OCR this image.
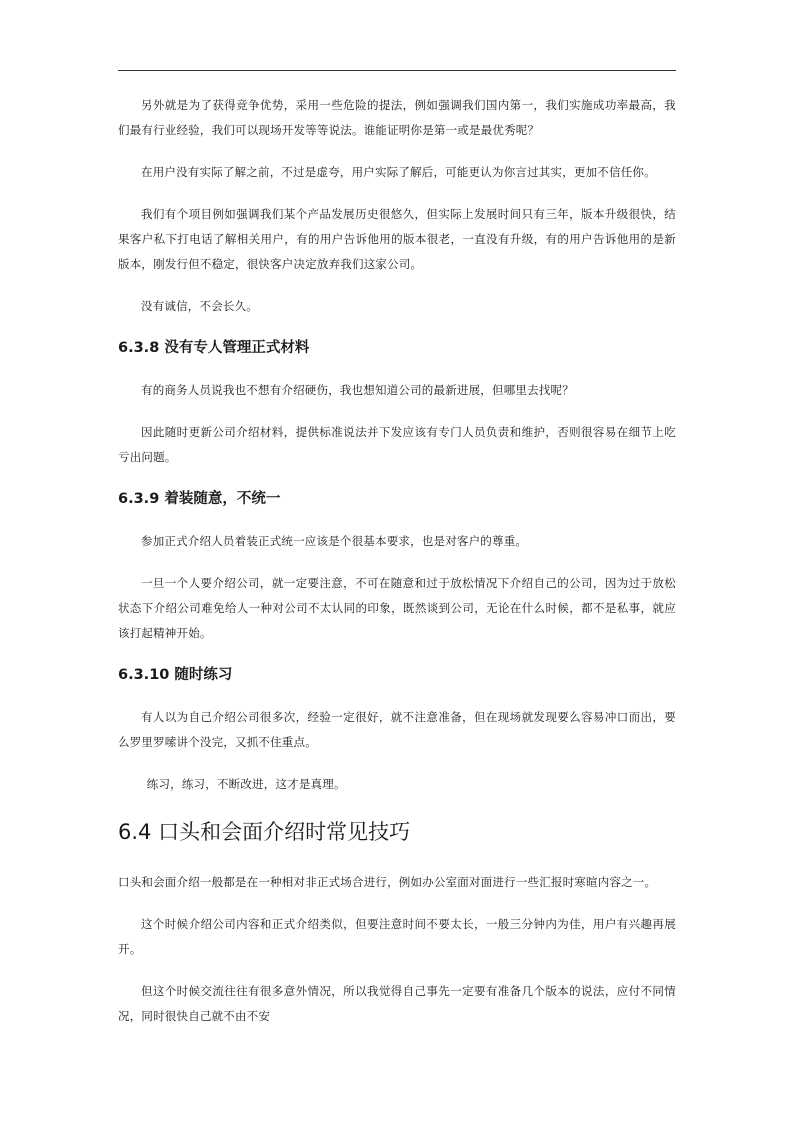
另外就是为了获得竞争优势，采用一些危险的提法，例如强调我们国内第一，我们实施成功率最高，我们最有行业经验，我们可以现场开发等等说法。谁能证明你是第一或是最优秀呢？

在用户没有实际了解之前，不过是虚夸，用户实际了解后，可能更认为你言过其实，更加不信任你。

我们有个项目例如强调我们某个产品发展历史很悠久，但实际上发展时间只有三年，版本升级很快，结果客户私下打电话了解相关用户，有的用户告诉他用的版本很老，一直没有升级，有的用户告诉他用的是新版本，刚发行但不稳定，很快客户决定放弃我们这家公司。

没有诚信，不会长久。

6.3.8 没有专人管理正式材料

有的商务人员说我也不想有介绍硬伤，我也想知道公司的最新进展，但哪里去找呢？

因此随时更新公司介绍材料，提供标准说法并下发应该有专门人员负责和维护，否则很容易在细节上吃亏出问题。

6.3.9 着装随意，不统一

参加正式介绍人员着装正式统一应该是个很基本要求，也是对客户的尊重。

一旦一个人要介绍公司，就一定要注意，不可在随意和过于放松情况下介绍自己的公司，因为过于放松状态下介绍公司难免给人一种对公司不太认同的印象，既然谈到公司，无论在什么时候，都不是私事，就应该打起精神开始。

6.3.10 随时练习

有人以为自己介绍公司很多次，经验一定很好，就不注意准备，但在现场就发现要么容易冲口而出，要么罗里罗嗦讲个没完，又抓不住重点。

练习，练习，不断改进，这才是真理。

6.4 口头和会面介绍时常见技巧

口头和会面介绍一般都是在一种相对非正式场合进行，例如办公室面对面进行一些汇报时寒暄内容之一。

这个时候介绍公司内容和正式介绍类似，但要注意时间不要太长，一般三分钟内为佳，用户有兴趣再展开。

但这个时候交流往往有很多意外情况，所以我觉得自己事先一定要有准备几个版本的说法，应付不同情况，同时很快自己就不由不安
